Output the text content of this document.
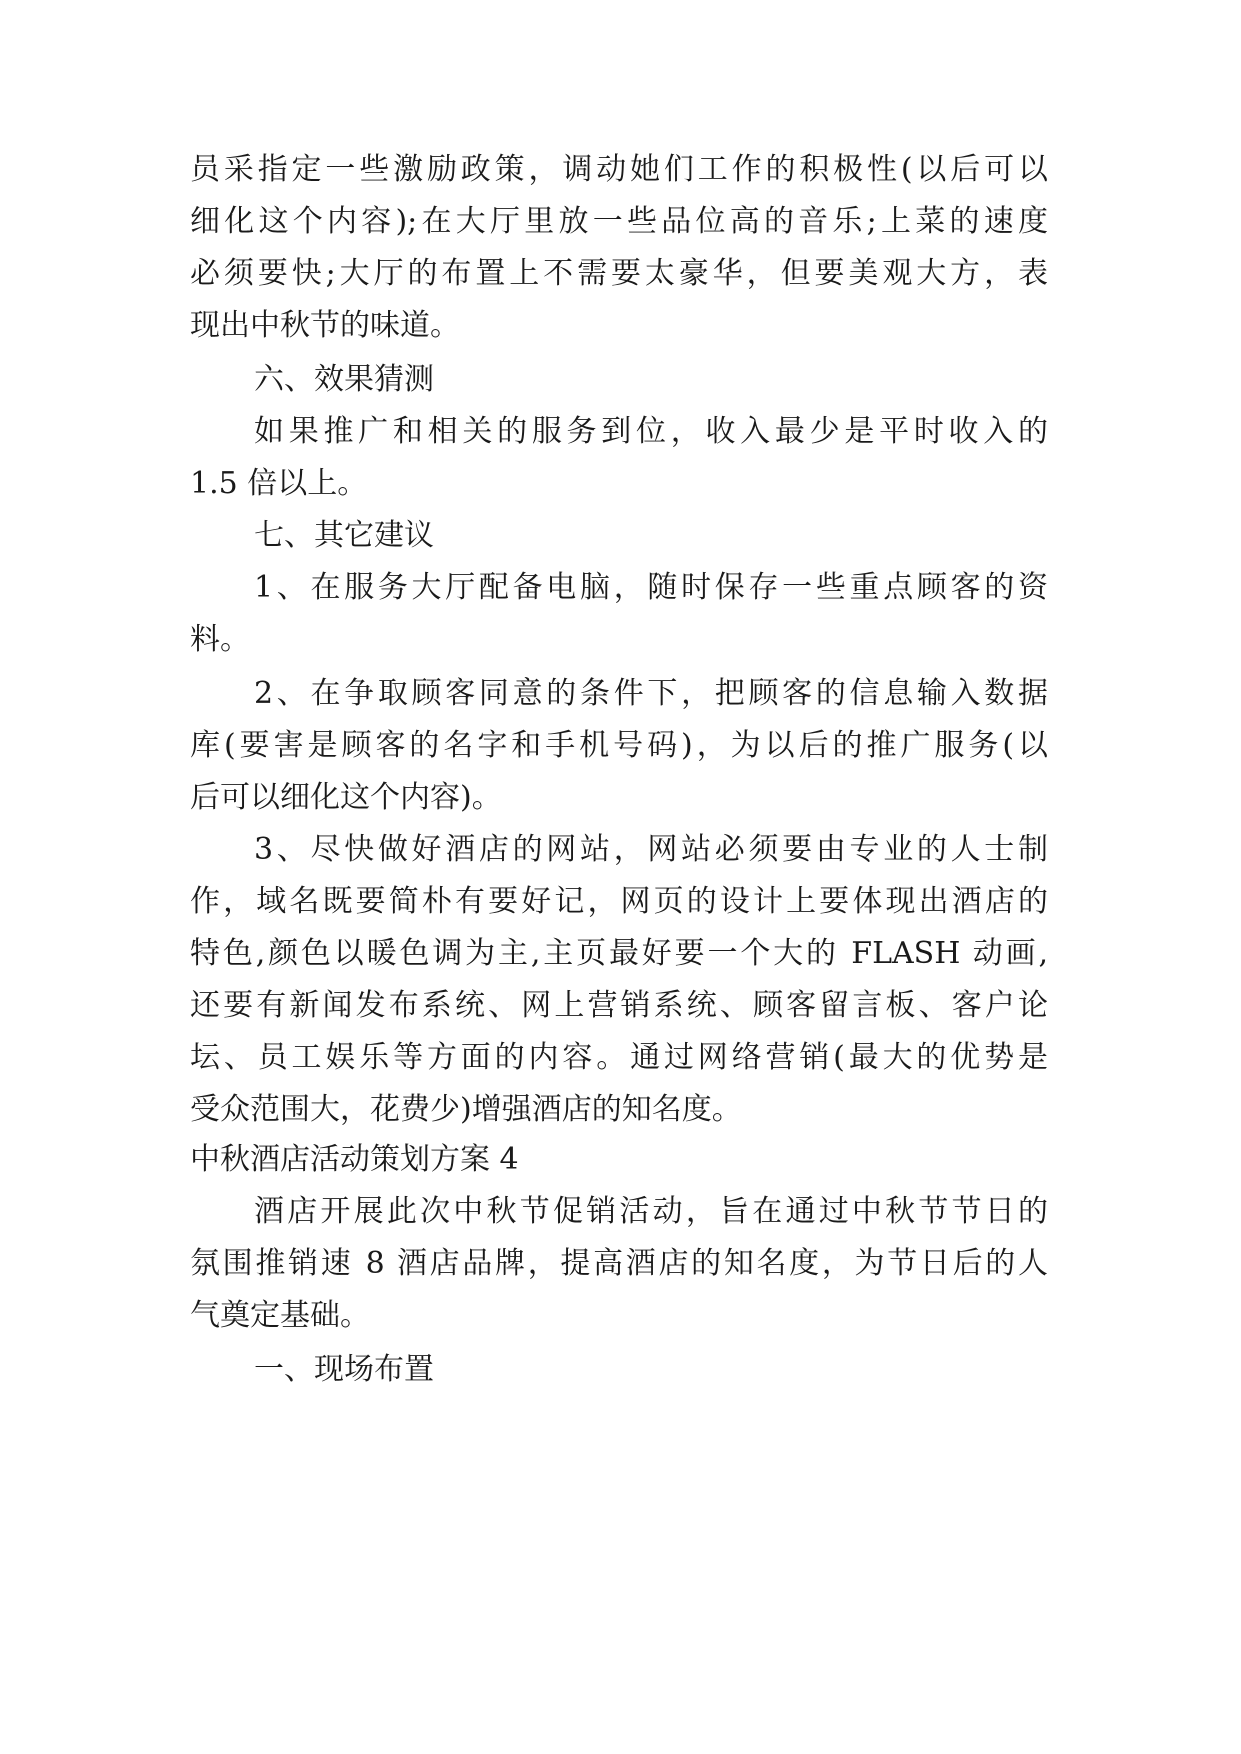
员采指定一些激励政策，调动她们工作的积极性(以后可以
细化这个内容);在大厅里放一些品位高的音乐;上菜的速度
必须要快;大厅的布置上不需要太豪华，但要美观大方，表
现出中秋节的味道。
六、效果猜测
如果推广和相关的服务到位，收入最少是平时收入的
1.5 倍以上。
七、其它建议
1、在服务大厅配备电脑，随时保存一些重点顾客的资
料。
2、在争取顾客同意的条件下，把顾客的信息输入数据
库(要害是顾客的名字和手机号码)，为以后的推广服务(以
后可以细化这个内容)。
3、尽快做好酒店的网站，网站必须要由专业的人士制
作，域名既要简朴有要好记，网页的设计上要体现出酒店的
特色,颜色以暖色调为主,主页最好要一个大的 FLASH 动画,
还要有新闻发布系统、网上营销系统、顾客留言板、客户论
坛、员工娱乐等方面的内容。通过网络营销(最大的优势是
受众范围大，花费少)增强酒店的知名度。
中秋酒店活动策划方案 4
酒店开展此次中秋节促销活动，旨在通过中秋节节日的
氛围推销速 8 酒店品牌，提高酒店的知名度，为节日后的人
气奠定基础。
一、现场布置
